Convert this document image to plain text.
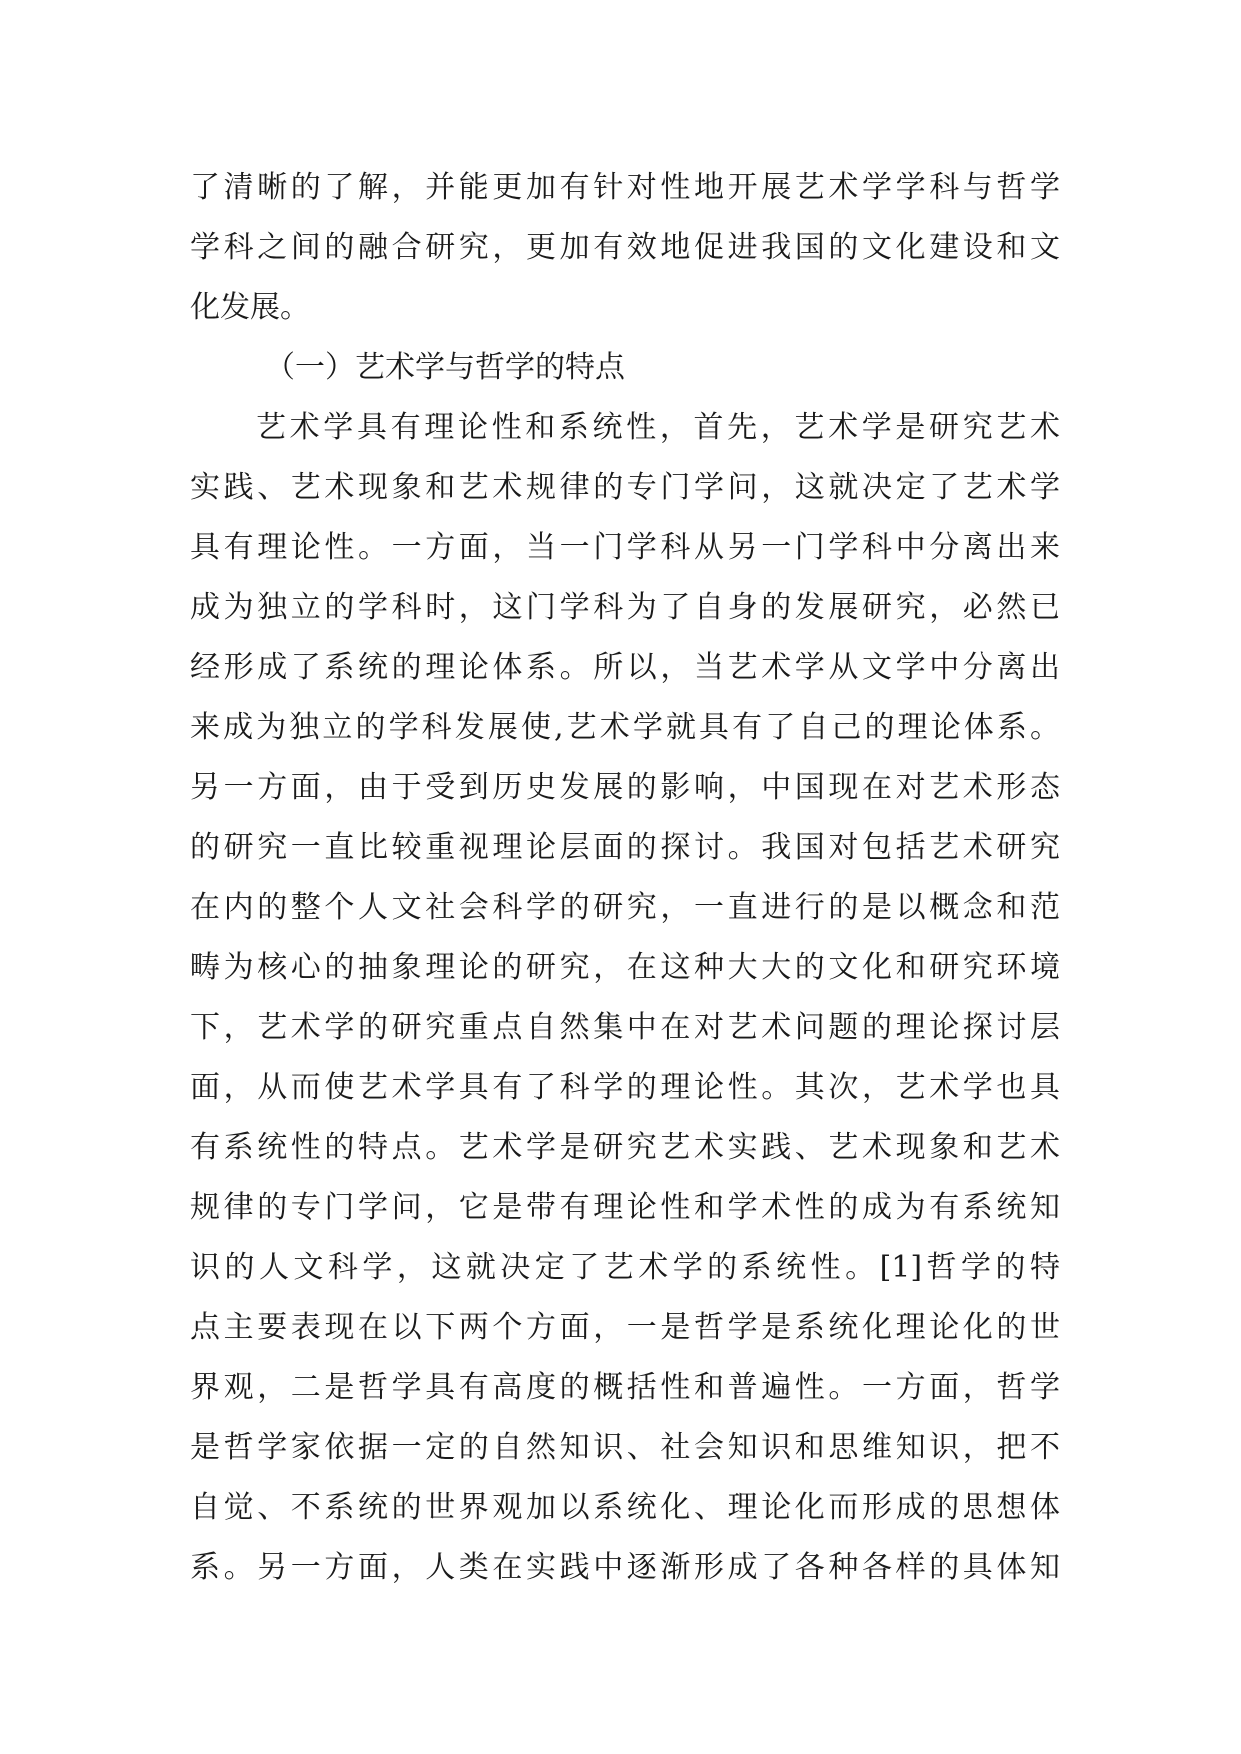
了清晰的了解，并能更加有针对性地开展艺术学学科与哲学
学科之间的融合研究，更加有效地促进我国的文化建设和文
化发展。
（一）艺术学与哲学的特点
艺术学具有理论性和系统性，首先，艺术学是研究艺术
实践、艺术现象和艺术规律的专门学问，这就决定了艺术学
具有理论性。一方面，当一门学科从另一门学科中分离出来
成为独立的学科时，这门学科为了自身的发展研究，必然已
经形成了系统的理论体系。所以，当艺术学从文学中分离出
来成为独立的学科发展使,艺术学就具有了自己的理论体系。
另一方面，由于受到历史发展的影响，中国现在对艺术形态
的研究一直比较重视理论层面的探讨。我国对包括艺术研究
在内的整个人文社会科学的研究，一直进行的是以概念和范
畴为核心的抽象理论的研究，在这种大大的文化和研究环境
下，艺术学的研究重点自然集中在对艺术问题的理论探讨层
面，从而使艺术学具有了科学的理论性。其次，艺术学也具
有系统性的特点。艺术学是研究艺术实践、艺术现象和艺术
规律的专门学问，它是带有理论性和学术性的成为有系统知
识的人文科学，这就决定了艺术学的系统性。[1]哲学的特
点主要表现在以下两个方面，一是哲学是系统化理论化的世
界观，二是哲学具有高度的概括性和普遍性。一方面，哲学
是哲学家依据一定的自然知识、社会知识和思维知识，把不
自觉、不系统的世界观加以系统化、理论化而形成的思想体
系。另一方面，人类在实践中逐渐形成了各种各样的具体知
